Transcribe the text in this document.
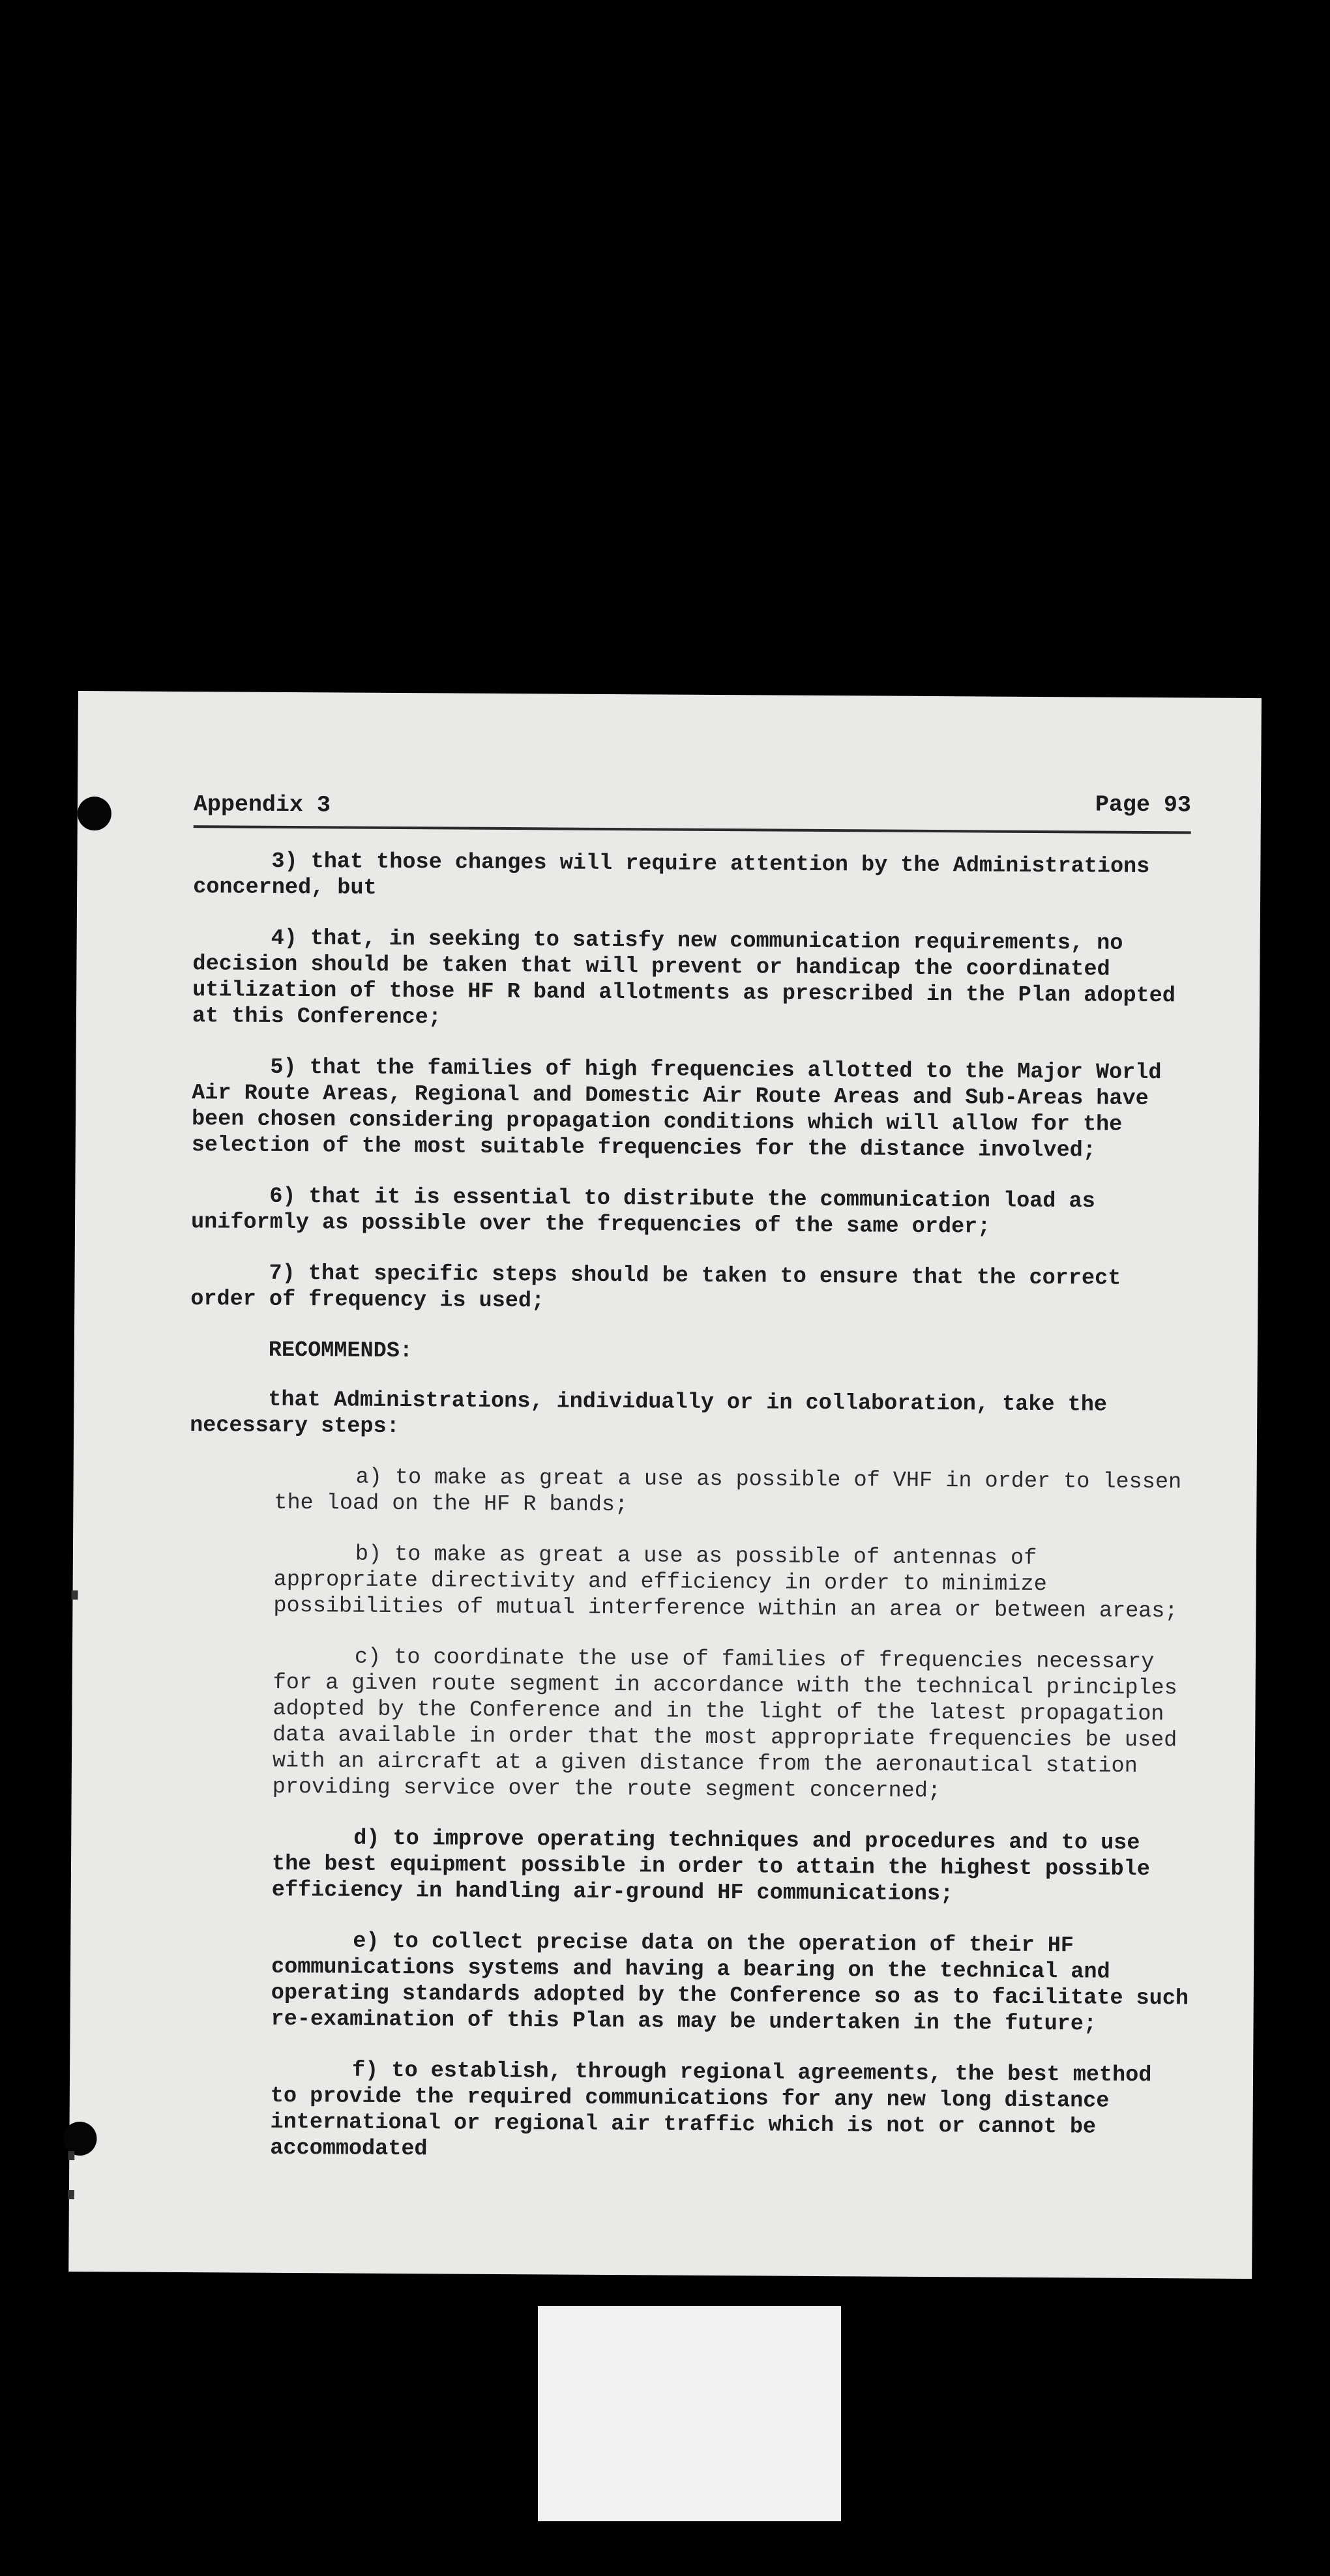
Appendix 3	Page 93

3) that those changes will require attention by the Administrations concerned, but

4) that, in seeking to satisfy new communication requirements, no decision should be taken that will prevent or handicap the coordinated utilization of those HF R band allotments as prescribed in the Plan adopted at this Conference;

5) that the families of high frequencies allotted to the Major World Air Route Areas, Regional and Domestic Air Route Areas and Sub-Areas have been chosen considering propagation conditions which will allow for the selection of the most suitable frequencies for the distance involved;

6) that it is essential to distribute the communication load as uniformly as possible over the frequencies of the same order;

7) that specific steps should be taken to ensure that the correct order of frequency is used;

RECOMMENDS:

that Administrations, individually or in collaboration, take the necessary steps:

a) to make as great a use as possible of VHF in order to lessen the load on the HF R bands;

b) to make as great a use as possible of antennas of appropriate directivity and efficiency in order to minimize possibilities of mutual interference within an area or between areas;

c) to coordinate the use of families of frequencies necessary for a given route segment in accordance with the technical principles adopted by the Conference and in the light of the latest propagation data available in order that the most appropriate frequencies be used with an aircraft at a given distance from the aeronautical station providing service over the route segment concerned;

d) to improve operating techniques and procedures and to use the best equipment possible in order to attain the highest possible efficiency in handling air-ground HF communications;

e) to collect precise data on the operation of their HF communications systems and having a bearing on the technical and operating standards adopted by the Conference so as to facilitate such re-examination of this Plan as may be undertaken in the future;

f) to establish, through regional agreements, the best method to provide the required communications for any new long distance international or regional air traffic which is not or cannot be accommodated
